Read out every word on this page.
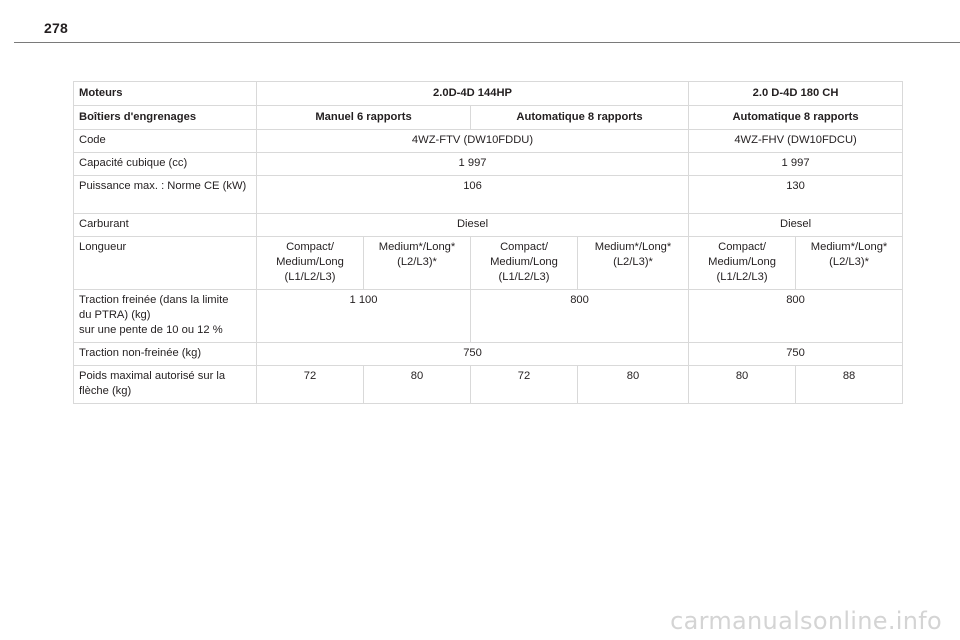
278
Moteurs	2.0D-4D 144HP				2.0 D-4D 180 CH	
Boîtiers d'engrenages	Manuel 6 rapports		Automatique 8 rapports		Automatique 8 rapports	
Code	4WZ-FTV (DW10FDDU)				4WZ-FHV (DW10FDCU)	
Capacité cubique (cc)	1 997				1 997	
Puissance max. : Norme CE (kW)	106				130	
Carburant	Diesel				Diesel	
Longueur	Compact/ Medium/Long (L1/L2/L3)	Medium*/Long* (L2/L3)*	Compact/ Medium/Long (L1/L2/L3)	Medium*/Long* (L2/L3)*	Compact/ Medium/Long (L1/L2/L3)	Medium*/Long* (L2/L3)*
Traction freinée (dans la limite
du PTRA) (kg)
sur une pente de 10 ou 12 %	1 100		800		800	
Traction non-freinée (kg)	750				750	
Poids maximal autorisé sur la flèche (kg)	72	80	72	80	80	88
carmanualsonline.info
